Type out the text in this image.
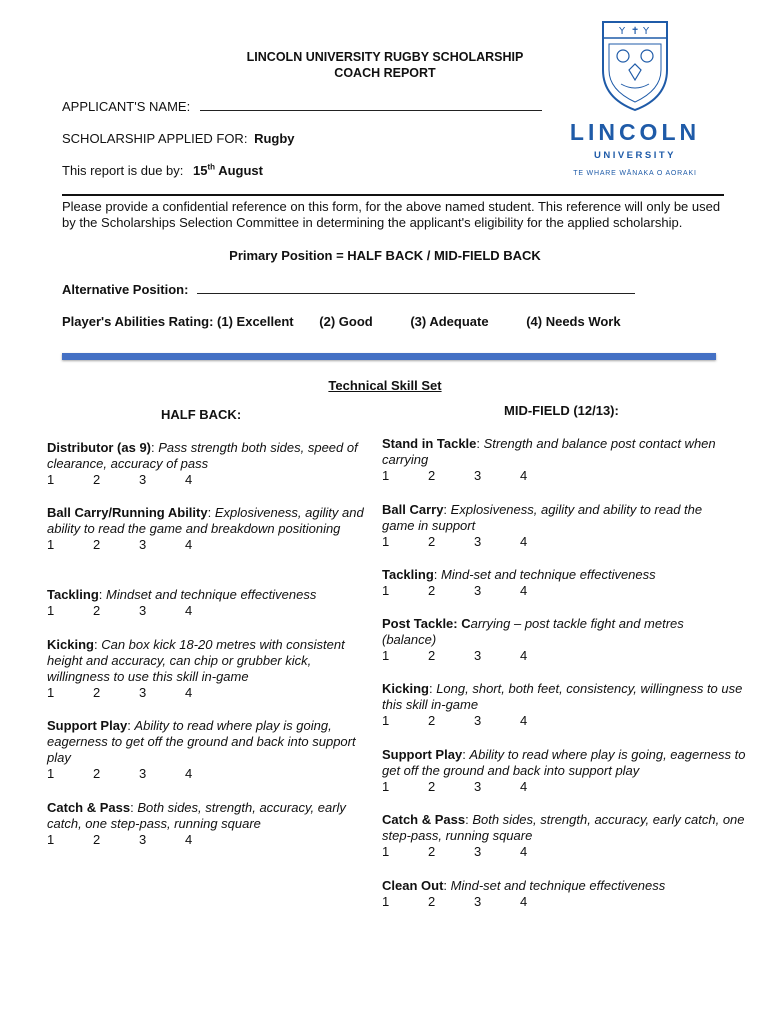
LINCOLN UNIVERSITY RUGBY SCHOLARSHIP
COACH REPORT
Y ✝ Y
LINCOLN
UNIVERSITY
TE WHARE WĀNAKA O AORAKI
APPLICANT'S NAME:
SCHOLARSHIP APPLIED FOR: Rugby
This report is due by: 15th August
Please provide a confidential reference on this form, for the above named student. This reference will only be used by the Scholarships Selection Committee in determining the applicant's eligibility for the applied scholarship.
Primary Position = HALF BACK / MID-FIELD BACK
Alternative Position:
Player's Abilities Rating: (1) Excellent (2) Good	(3) Adequate	(4) Needs Work
Technical Skill Set
HALF BACK:	MID-FIELD (12/13):
Distributor (as 9): Pass strength both sides, speed of clearance, accuracy of pass
1	2	3	4
Ball Carry/Running Ability: Explosiveness, agility and ability to read the game and breakdown positioning
1	2	3	4
Tackling: Mindset and technique effectiveness
1	2	3	4
Kicking: Can box kick 18-20 metres with consistent height and accuracy, can chip or grubber kick, willingness to use this skill in-game
1	2	3	4
Support Play: Ability to read where play is going, eagerness to get off the ground and back into support play
1	2	3	4
Catch & Pass: Both sides, strength, accuracy, early catch, one step-pass, running square
1	2	3	4
Stand in Tackle: Strength and balance post contact when carrying
1	2	3	4
Ball Carry: Explosiveness, agility and ability to read the game in support
1	2	3	4
Tackling: Mind-set and technique effectiveness
1	2	3	4
Post Tackle: Carrying – post tackle fight and metres (balance)
1	2	3	4
Kicking: Long, short, both feet, consistency, willingness to use this skill in-game
1	2	3	4
Support Play: Ability to read where play is going, eagerness to get off the ground and back into support play
1	2	3	4
Catch & Pass: Both sides, strength, accuracy, early catch, one step-pass, running square
1	2	3	4
Clean Out: Mind-set and technique effectiveness
1	2	3	4
